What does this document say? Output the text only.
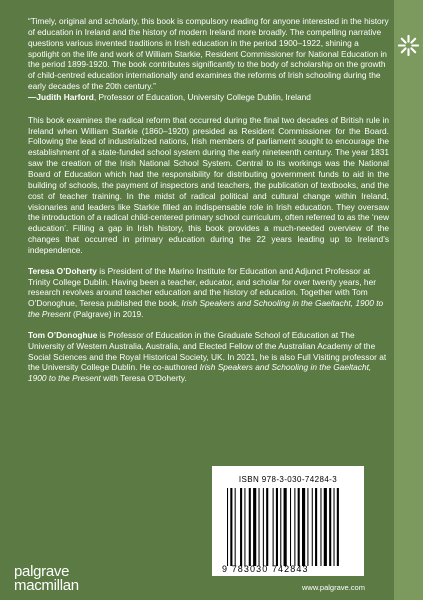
“Timely, original and scholarly, this book is compulsory reading for anyone interested in the history of education in Ireland and the history of modern Ireland more broadly. The compelling narrative questions various invented traditions in Irish education in the period 1900–1922, shining a spotlight on the life and work of William Starkie, Resident Commissioner for National Education in the period 1899-1920. The book contributes significantly to the body of scholarship on the growth of child-centred education internationally and examines the reforms of Irish schooling during the early decades of the 20th century.”
—Judith Harford, Professor of Education, University College Dublin, Ireland

This book examines the radical reform that occurred during the final two decades of British rule in Ireland when William Starkie (1860–1920) presided as Resident Commissioner for the Board. Following the lead of industrialized nations, Irish members of parliament sought to encourage the establishment of a state-funded school system during the early nineteenth century. The year 1831 saw the creation of the Irish National School System. Central to its workings was the National Board of Education which had the responsibility for distributing government funds to aid in the building of schools, the payment of inspectors and teachers, the publication of textbooks, and the cost of teacher training. In the midst of radical political and cultural change within Ireland, visionaries and leaders like Starkie filled an indispensable role in Irish education. They oversaw the introduction of a radical child-centered primary school curriculum, often referred to as the ‘new education’. Filling a gap in Irish history, this book provides a much-needed overview of the changes that occurred in primary education during the 22 years leading up to Ireland’s independence.

Teresa O’Doherty is President of the Marino Institute for Education and Adjunct Professor at Trinity College Dublin. Having been a teacher, educator, and scholar for over twenty years, her research revolves around teacher education and the history of education. Together with Tom O’Donoghue, Teresa published the book, Irish Speakers and Schooling in the Gaeltacht, 1900 to the Present (Palgrave) in 2019.

Tom O’Donoghue is Professor of Education in the Graduate School of Education at The University of Western Australia, Australia, and Elected Fellow of the Australian Academy of the Social Sciences and the Royal Historical Society, UK. In 2021, he is also Full Visiting professor at the University College Dublin. He co-authored Irish Speakers and Schooling in the Gaeltacht, 1900 to the Present with Teresa O’Doherty.

ISBN 978-3-030-74284-3
9 783030 742843
palgrave
macmillan	www.palgrave.com
